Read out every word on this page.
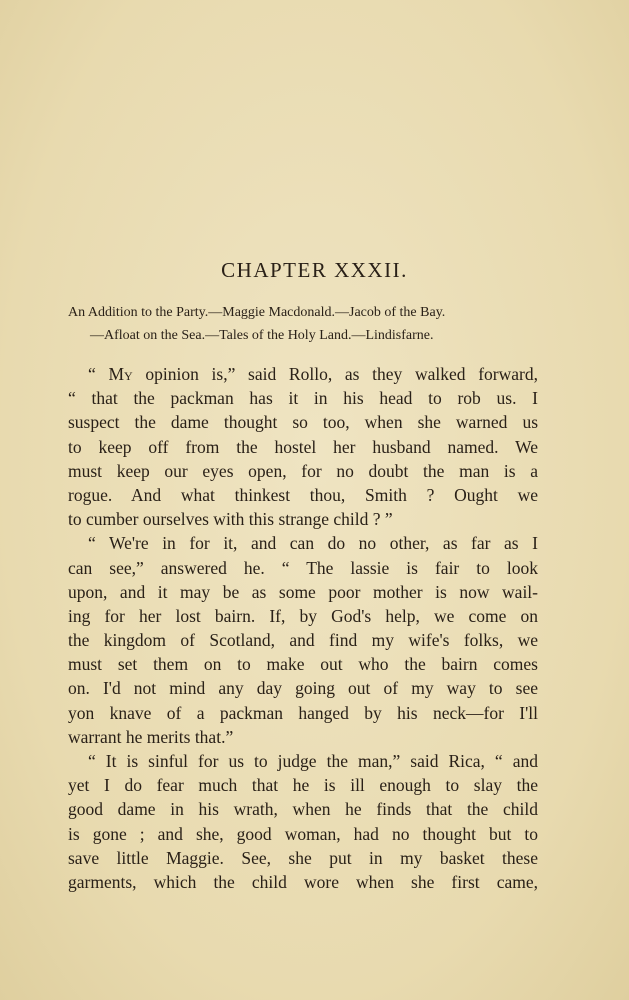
CHAPTER XXXII.

An Addition to the Party.—Maggie Macdonald.—Jacob of the Bay.
—Afloat on the Sea.—Tales of the Holy Land.—Lindisfarne.

“ My opinion is,” said Rollo, as they walked forward,
“ that the packman has it in his head to rob us. I
suspect the dame thought so too, when she warned us
to keep off from the hostel her husband named. We
must keep our eyes open, for no doubt the man is a
rogue. And what thinkest thou, Smith ? Ought we
to cumber ourselves with this strange child ? ”
“ We're in for it, and can do no other, as far as I
can see,” answered he. “ The lassie is fair to look
upon, and it may be as some poor mother is now wail-
ing for her lost bairn. If, by God's help, we come on
the kingdom of Scotland, and find my wife's folks, we
must set them on to make out who the bairn comes
on. I'd not mind any day going out of my way to see
yon knave of a packman hanged by his neck—for I'll
warrant he merits that.”
“ It is sinful for us to judge the man,” said Rica, “ and
yet I do fear much that he is ill enough to slay the
good dame in his wrath, when he finds that the child
is gone ; and she, good woman, had no thought but to
save little Maggie. See, she put in my basket these
garments, which the child wore when she first came,
